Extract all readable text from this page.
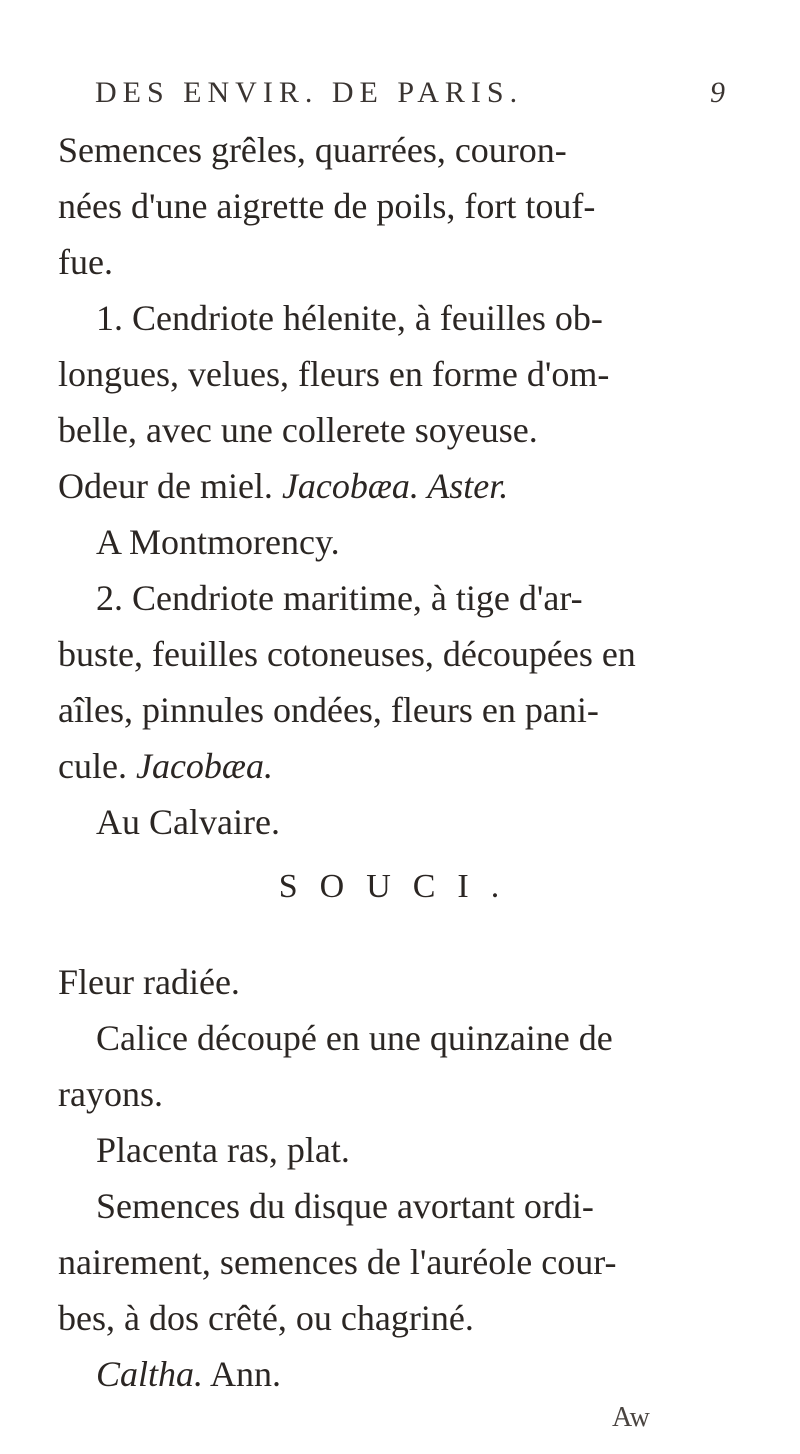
DES ENVIR. DE PARIS.	9
Semences grêles, quarrées, couron-
nées d'une aigrette de poils, fort touf-
fue.
1. Cendriote hélenite, à feuilles ob-
longues, velues, fleurs en forme d'om-
belle, avec une collerete soyeuse.
Odeur de miel. Jacobæa. Aster.
A Montmorency.
2. Cendriote maritime, à tige d'ar-
buste, feuilles cotoneuses, découpées en
aîles, pinnules ondées, fleurs en pani-
cule. Jacobæa.
Au Calvaire.
SOUCI.
Fleur radiée.
Calice découpé en une quinzaine de
rayons.
Placenta ras, plat.
Semences du disque avortant ordi-
nairement, semences de l'auréole cour-
bes, à dos crêté, ou chagriné.
Caltha. Ann.
Aw
